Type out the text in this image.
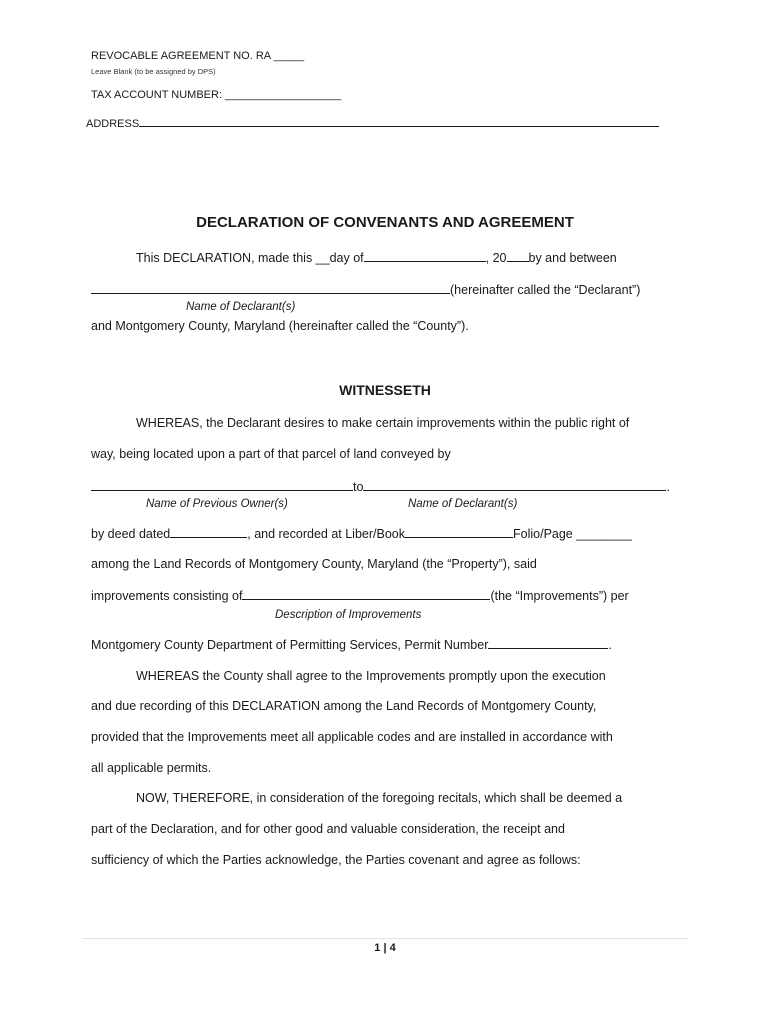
REVOCABLE AGREEMENT NO. RA _____
Leave Blank (to be assigned by DPS)
TAX ACCOUNT NUMBER: ___________________
ADDRESS
DECLARATION OF CONVENANTS AND AGREEMENT
This DECLARATION, made this __day of	, 20 by and between
(hereinafter called the “Declarant”)
Name of Declarant(s)
and Montgomery County, Maryland (hereinafter called the “County”).
WITNESSETH
WHEREAS, the Declarant desires to make certain improvements within the public right of
way, being located upon a part of that parcel of land conveyed by
to	.
Name of Previous Owner(s)	Name of Declarant(s)
by deed dated	, and recorded at Liber/Book	Folio/Page ________
among the Land Records of Montgomery County, Maryland (the “Property”), said
improvements consisting of	(the “Improvements”) per
Description of Improvements
Montgomery County Department of Permitting Services, Permit Number	.
WHEREAS the County shall agree to the Improvements promptly upon the execution
and due recording of this DECLARATION among the Land Records of Montgomery County,
provided that the Improvements meet all applicable codes and are installed in accordance with
all applicable permits.
NOW, THEREFORE, in consideration of the foregoing recitals, which shall be deemed a
part of the Declaration, and for other good and valuable consideration, the receipt and
sufficiency of which the Parties acknowledge, the Parties covenant and agree as follows:
1 | 4
